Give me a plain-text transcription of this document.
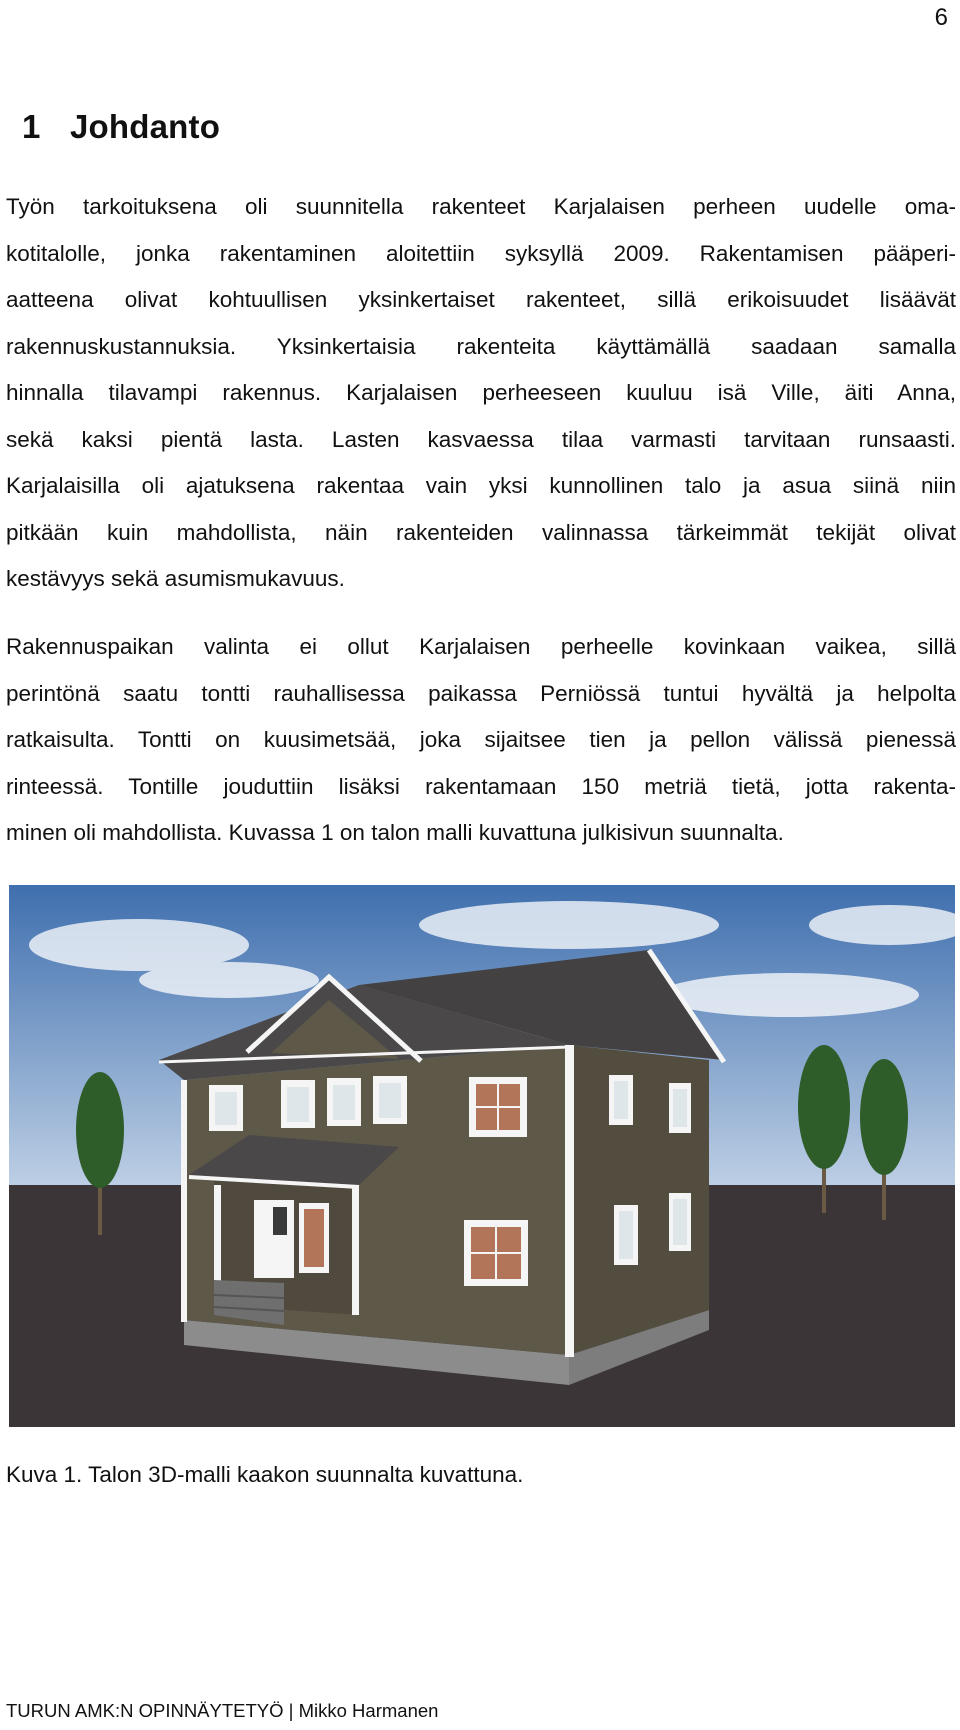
6
1 Johdanto

Työn tarkoituksena oli suunnitella rakenteet Karjalaisen perheen uudelle oma-
kotitalolle, jonka rakentaminen aloitettiin syksyllä 2009. Rakentamisen pääperi-
aatteena olivat kohtuullisen yksinkertaiset rakenteet, sillä erikoisuudet lisäävät
rakennuskustannuksia. Yksinkertaisia rakenteita käyttämällä saadaan samalla
hinnalla tilavampi rakennus. Karjalaisen perheeseen kuuluu isä Ville, äiti Anna,
sekä kaksi pientä lasta. Lasten kasvaessa tilaa varmasti tarvitaan runsaasti.
Karjalaisilla oli ajatuksena rakentaa vain yksi kunnollinen talo ja asua siinä niin
pitkään kuin mahdollista, näin rakenteiden valinnassa tärkeimmät tekijät olivat
kestävyys sekä asumismukavuus.

Rakennuspaikan valinta ei ollut Karjalaisen perheelle kovinkaan vaikea, sillä
perintönä saatu tontti rauhallisessa paikassa Perniössä tuntui hyvältä ja helpolta
ratkaisulta. Tontti on kuusimetsää, joka sijaitsee tien ja pellon välissä pienessä
rinteessä. Tontille jouduttiin lisäksi rakentamaan 150 metriä tietä, jotta rakenta-
minen oli mahdollista. Kuvassa 1 on talon malli kuvattuna julkisivun suunnalta.

Kuva 1. Talon 3D-malli kaakon suunnalta kuvattuna.

TURUN AMK:N OPINNÄYTETYÖ | Mikko Harmanen
